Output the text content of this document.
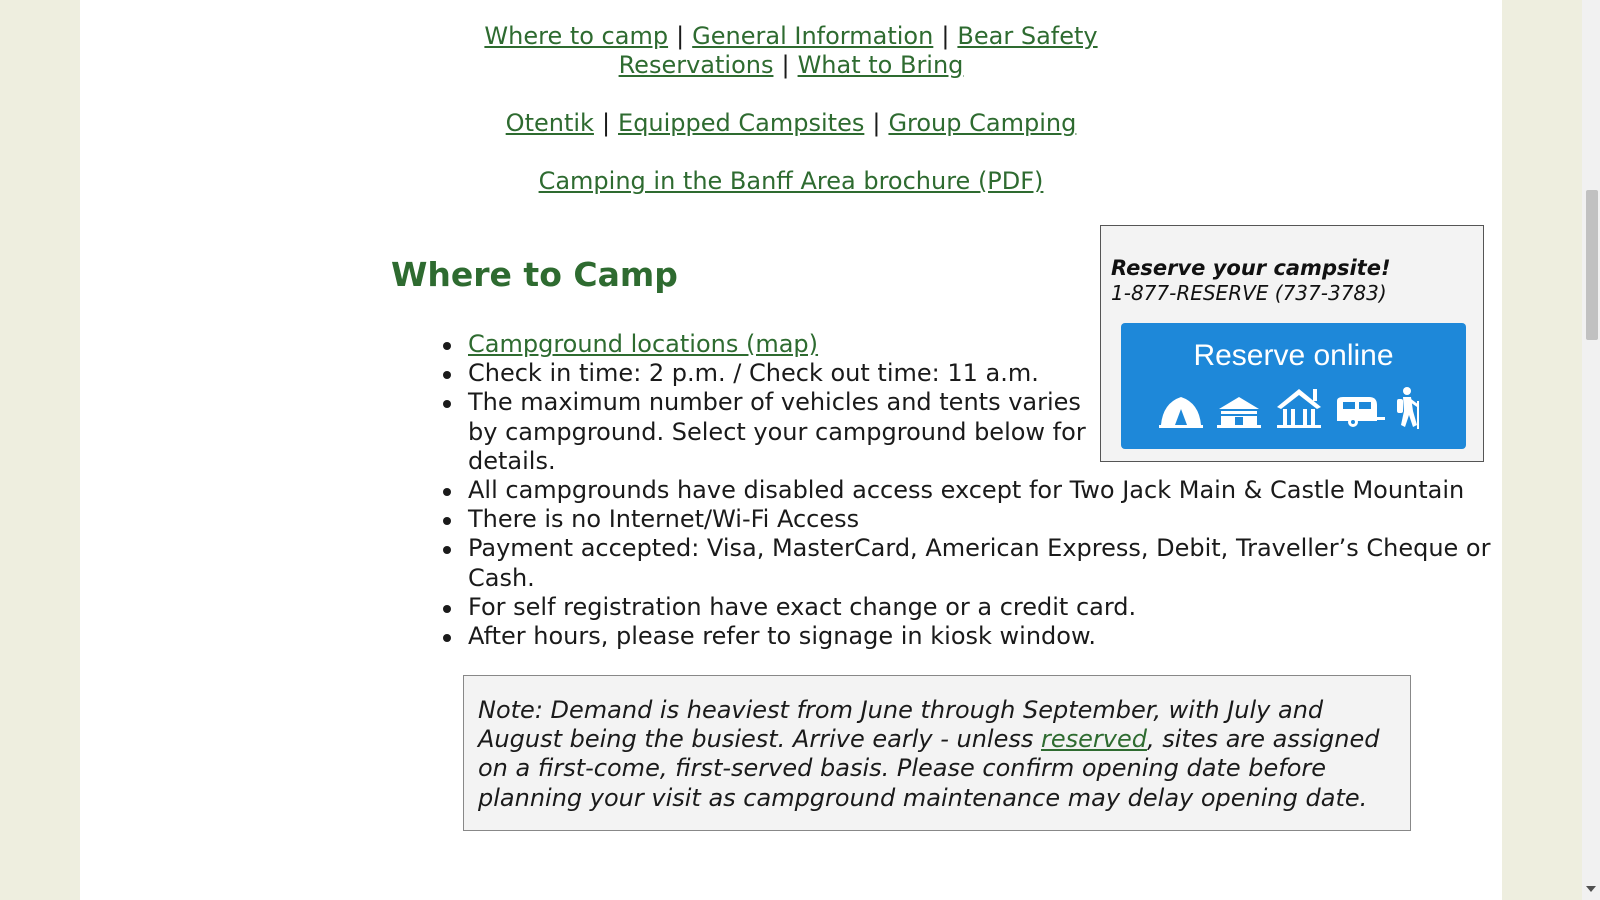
Where to camp | General Information | Bear Safety
Reservations | What to Bring
Otentik | Equipped Campsites | Group Camping
Camping in the Banff Area brochure (PDF)
Where to Camp
Campground locations (map)
Check in time: 2 p.m. / Check out time: 11 a.m.
The maximum number of vehicles and tents varies by campground. Select your campground below for details.
All campgrounds have disabled access except for Two Jack Main & Castle Mountain
There is no Internet/Wi-Fi Access
Payment accepted: Visa, MasterCard, American Express, Debit, Traveller’s Cheque or Cash.
For self registration have exact change or a credit card.
After hours, please refer to signage in kiosk window.
Reserve your campsite!
1-877-RESERVE (737-3783)
Reserve online
Note: Demand is heaviest from June through September, with July and August being the busiest. Arrive early - unless reserved, sites are assigned on a first-come, first-served basis. Please confirm opening date before planning your visit as campground maintenance may delay opening date.
